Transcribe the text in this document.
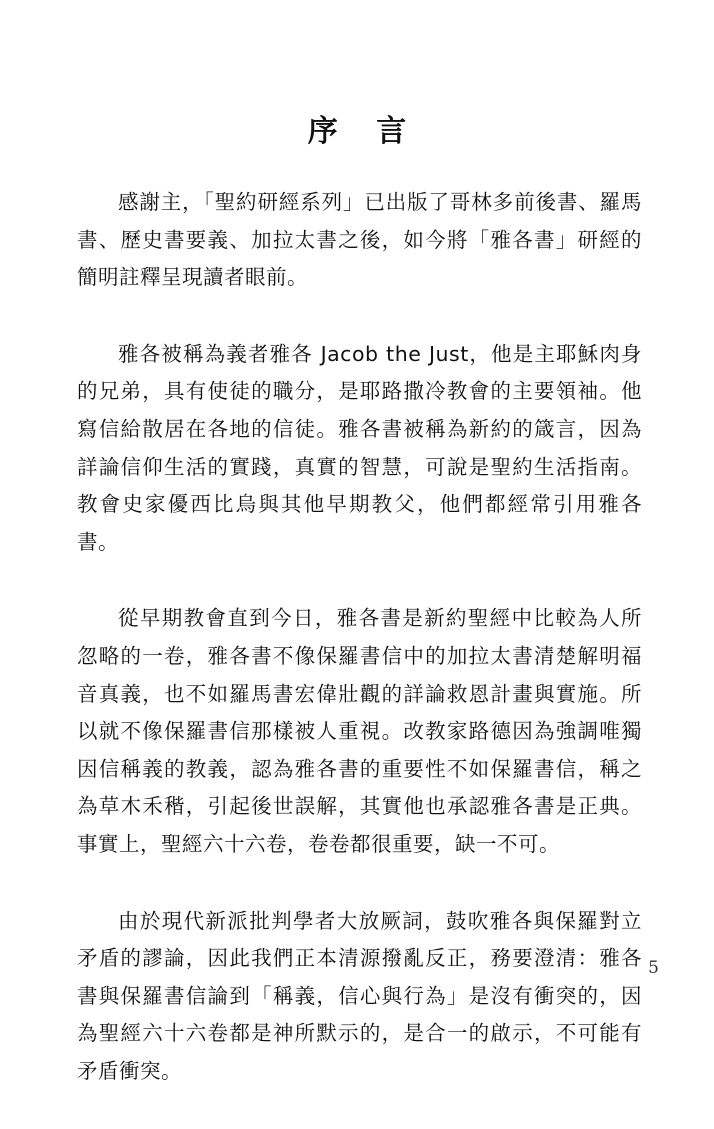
序 言

感謝主，「聖約研經系列」已出版了哥林多前後書、羅馬書、歷史書要義、加拉太書之後，如今將「雅各書」研經的簡明註釋呈現讀者眼前。

雅各被稱為義者雅各 Jacob the Just，他是主耶穌肉身的兄弟，具有使徒的職分，是耶路撒冷教會的主要領袖。他寫信給散居在各地的信徒。雅各書被稱為新約的箴言，因為詳論信仰生活的實踐，真實的智慧，可說是聖約生活指南。教會史家優西比烏與其他早期教父，他們都經常引用雅各書。

從早期教會直到今日，雅各書是新約聖經中比較為人所忽略的一卷，雅各書不像保羅書信中的加拉太書清楚解明福音真義，也不如羅馬書宏偉壯觀的詳論救恩計畫與實施。所以就不像保羅書信那樣被人重視。改教家路德因為強調唯獨因信稱義的教義，認為雅各書的重要性不如保羅書信，稱之為草木禾稭，引起後世誤解，其實他也承認雅各書是正典。事實上，聖經六十六卷，卷卷都很重要，缺一不可。

由於現代新派批判學者大放厥詞，鼓吹雅各與保羅對立矛盾的謬論，因此我們正本清源撥亂反正，務要澄清：雅各書與保羅書信論到「稱義，信心與行為」是沒有衝突的，因為聖經六十六卷都是神所默示的，是合一的啟示，不可能有矛盾衝突。

5
